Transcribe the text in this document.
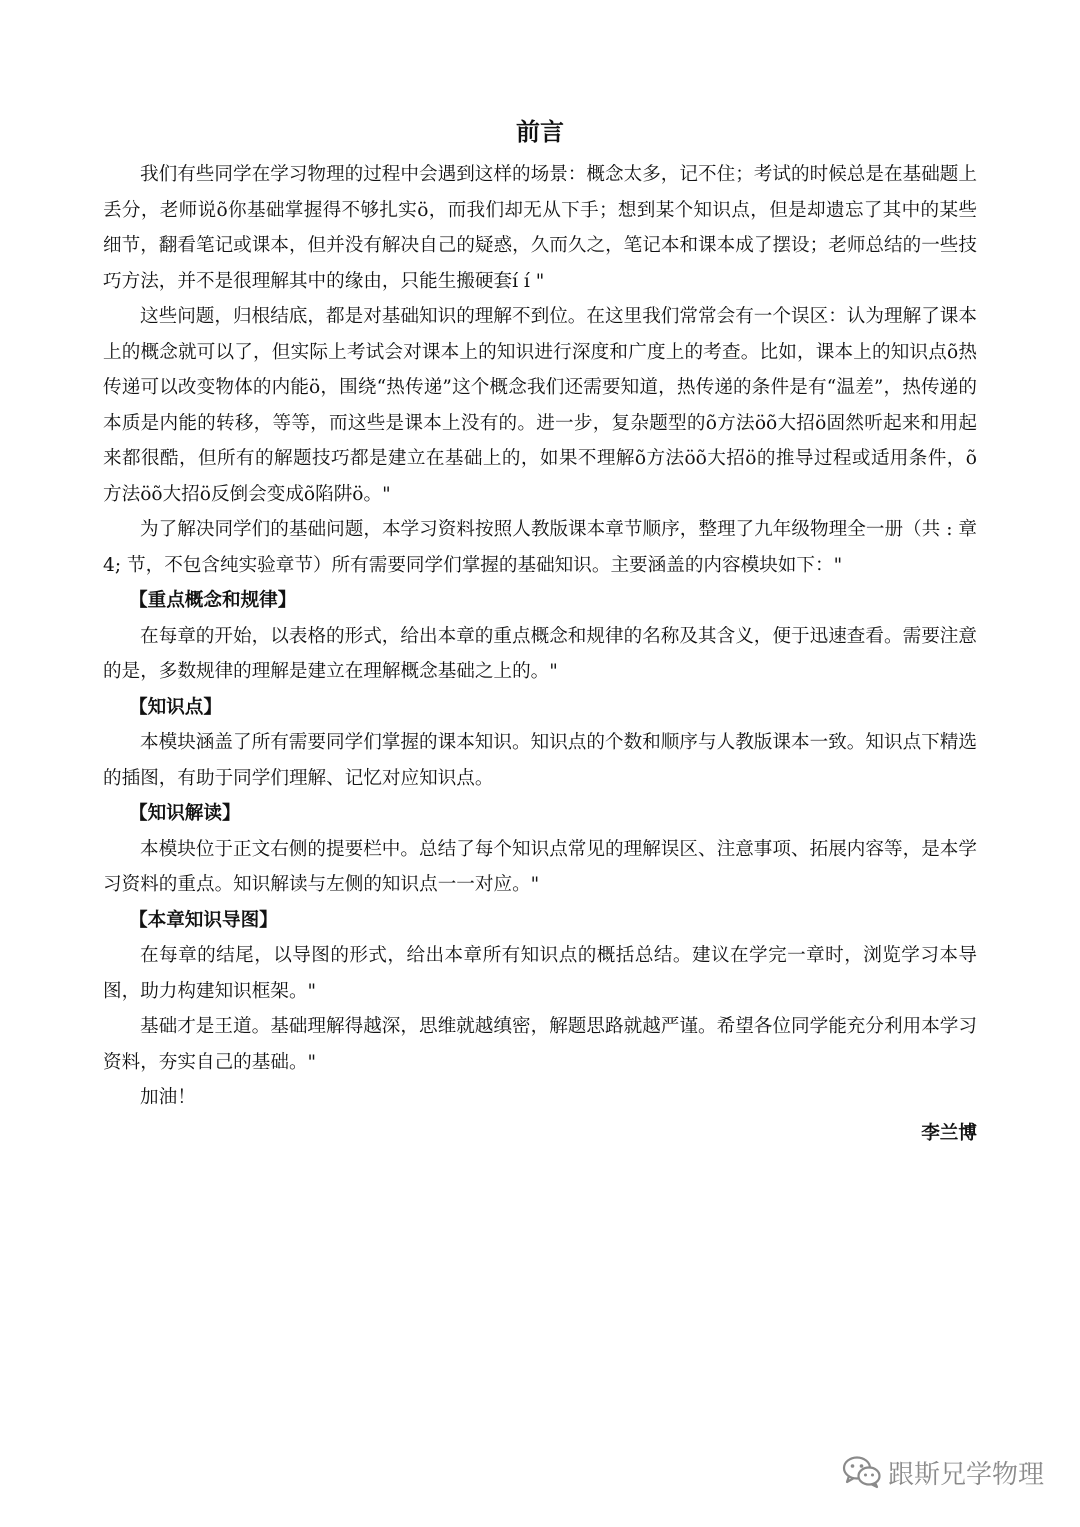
前言

我们有些同学在学习物理的过程中会遇到这样的场景：概念太多，记不住；考试的时候总是在基础题上丢分，老师说õ你基础掌握得不够扎实ö，而我们却无从下手；想到某个知识点，但是却遗忘了其中的某些细节，翻看笔记或课本，但并没有解决自己的疑惑，久而久之，笔记本和课本成了摆设；老师总结的一些技巧方法，并不是很理解其中的缘由，只能生搬硬套í í "

这些问题，归根结底，都是对基础知识的理解不到位。在这里我们常常会有一个误区：认为理解了课本上的概念就可以了，但实际上考试会对课本上的知识进行深度和广度上的考查。比如，课本上的知识点õ热传递可以改变物体的内能ö，围绕“热传递”这个概念我们还需要知道，热传递的条件是有“温差”，热传递的本质是内能的转移，等等，而这些是课本上没有的。进一步，复杂题型的õ方法öõ大招ö固然听起来和用起来都很酷，但所有的解题技巧都是建立在基础上的，如果不理解õ方法öõ大招ö的推导过程或适用条件，õ方法öõ大招ö反倒会变成õ陷阱ö。"

为了解决同学们的基础问题，本学习资料按照人教版课本章节顺序，整理了九年级物理全一册（共 : 章 4; 节，不包含纯实验章节）所有需要同学们掌握的基础知识。主要涵盖的内容模块如下："

【重点概念和规律】

在每章的开始，以表格的形式，给出本章的重点概念和规律的名称及其含义，便于迅速查看。需要注意的是，多数规律的理解是建立在理解概念基础之上的。"

【知识点】

本模块涵盖了所有需要同学们掌握的课本知识。知识点的个数和顺序与人教版课本一致。知识点下精选的插图，有助于同学们理解、记忆对应知识点。

【知识解读】

本模块位于正文右侧的提要栏中。总结了每个知识点常见的理解误区、注意事项、拓展内容等，是本学习资料的重点。知识解读与左侧的知识点一一对应。"

【本章知识导图】

在每章的结尾，以导图的形式，给出本章所有知识点的概括总结。建议在学完一章时，浏览学习本导图，助力构建知识框架。"

基础才是王道。基础理解得越深，思维就越缜密，解题思路就越严谨。希望各位同学能充分利用本学习资料，夯实自己的基础。"

加油！

李兰博

跟斯兄学物理
